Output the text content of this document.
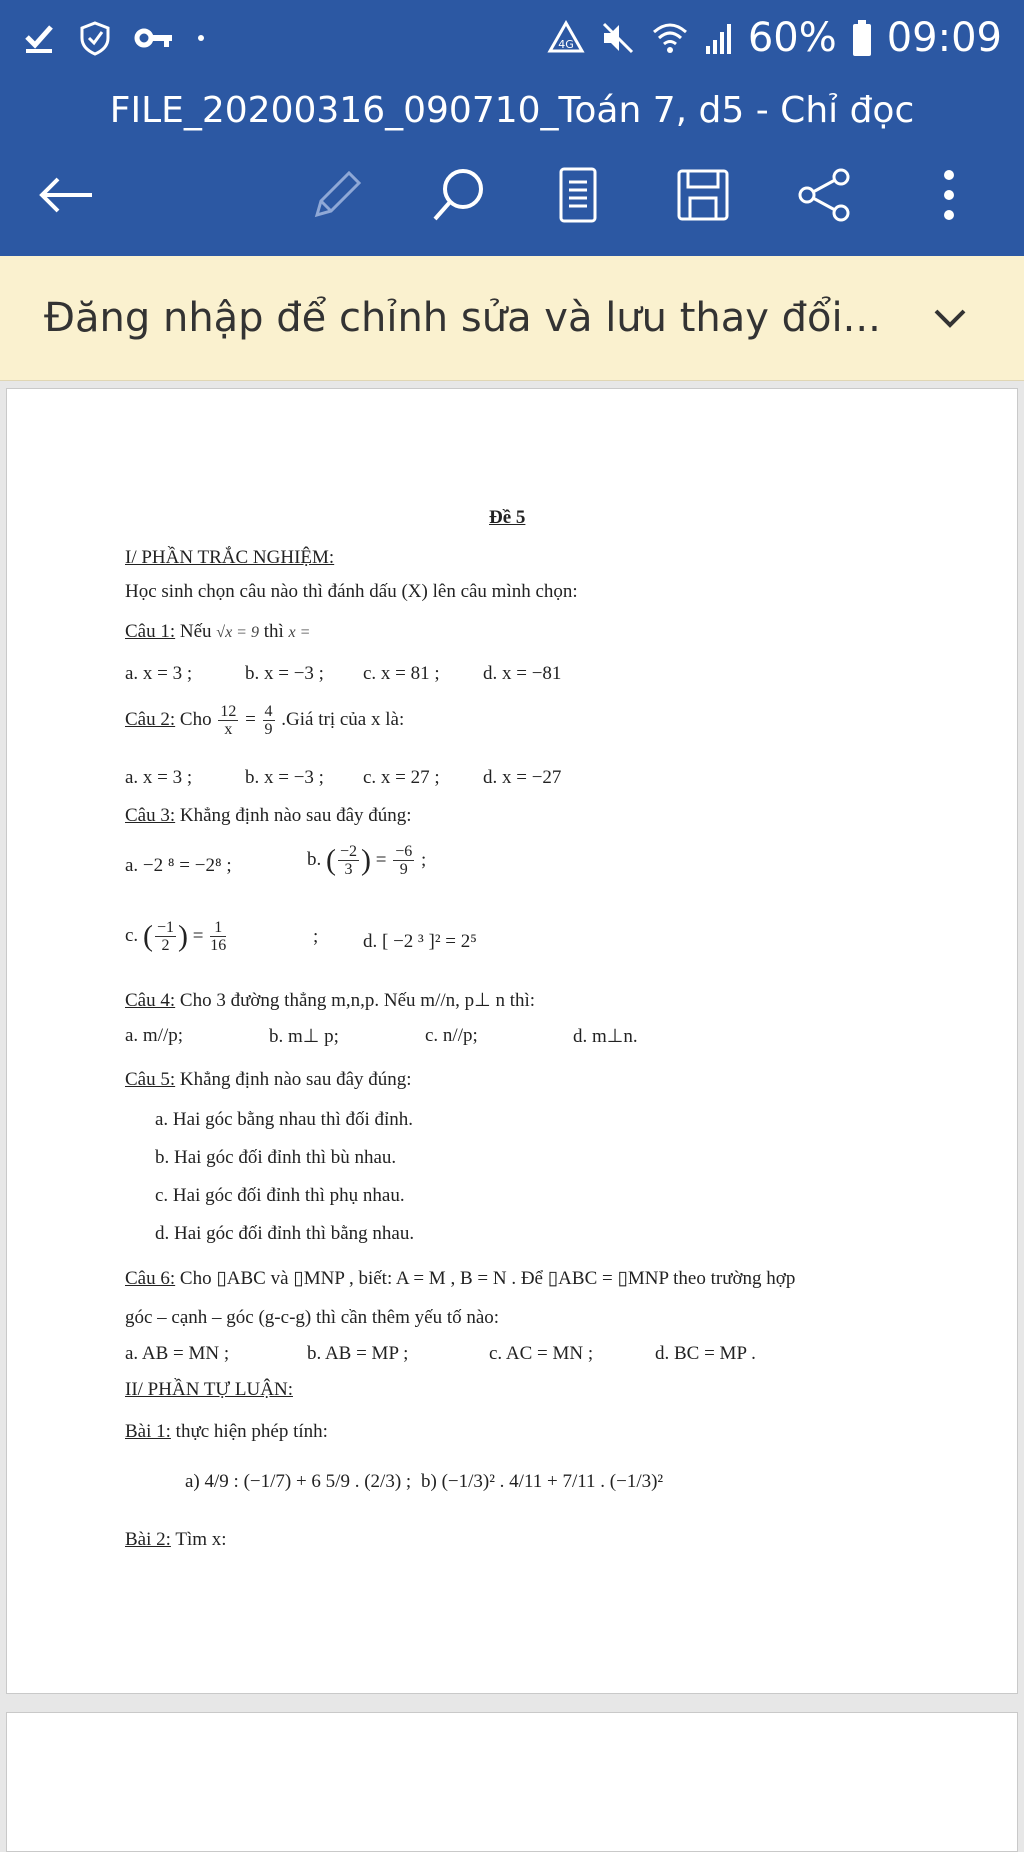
4G	60% 09:09
FILE_20200316_090710_Toán 7, d5 - Chỉ đọc
Đăng nhập để chỉnh sửa và lưu thay đổi...
Đề 5
I/ PHẦN TRẮC NGHIỆM:
Học sinh chọn câu nào thì đánh dấu (X) lên câu mình chọn:
Câu 1: Nếu √x = 9 thì x =
a. x = 3 ;	b. x = −3 ; c. x = 81 ; d. x = −81
Câu 2: Cho $\frac{12}{x} = \frac{4}{9}$ .Giá trị của x là:
a. x = 3 ;	b. x = −3 ; c. x = 27 ; d. x = −27
Câu 3: Khẳng định nào sau đây đúng:
a. −2 ⁸ = −2⁸ ;	b. ( $\frac{-2}{3}$ ) = $\frac{-6}{9}$ ;
c. ( $\frac{-1}{2}$ ) = $\frac{1}{16}$	; d. [ −2 ³ ]² = 2⁵
Câu 4: Cho 3 đường thẳng m,n,p. Nếu m//n, p⊥ n thì:
a. m//p;	b. m⊥ p;	c. n//p;	d. m⊥n.
Câu 5: Khẳng định nào sau đây đúng:
a. Hai góc bằng nhau thì đối đỉnh.
b. Hai góc đối đỉnh thì bù nhau.
c. Hai góc đối đỉnh thì phụ nhau.
d. Hai góc đối đỉnh thì bằng nhau.
Câu 6: Cho ▯ABC và ▯MNP , biết: A = M , B = N . Để ▯ABC = ▯MNP theo trường hợp
góc – cạnh – góc (g-c-g) thì cần thêm yếu tố nào:
a. AB = MN ;	b. AB = MP ;	c. AC = MN ;	d. BC = MP .
II/ PHẦN TỰ LUẬN:
Bài 1: thực hiện phép tính:
a) 4/9 : (−1/7) + 6 5/9 . (2/3) ; b) (−1/3)² . 4/11 + 7/11 . (−1/3)²
Bài 2: Tìm x:
